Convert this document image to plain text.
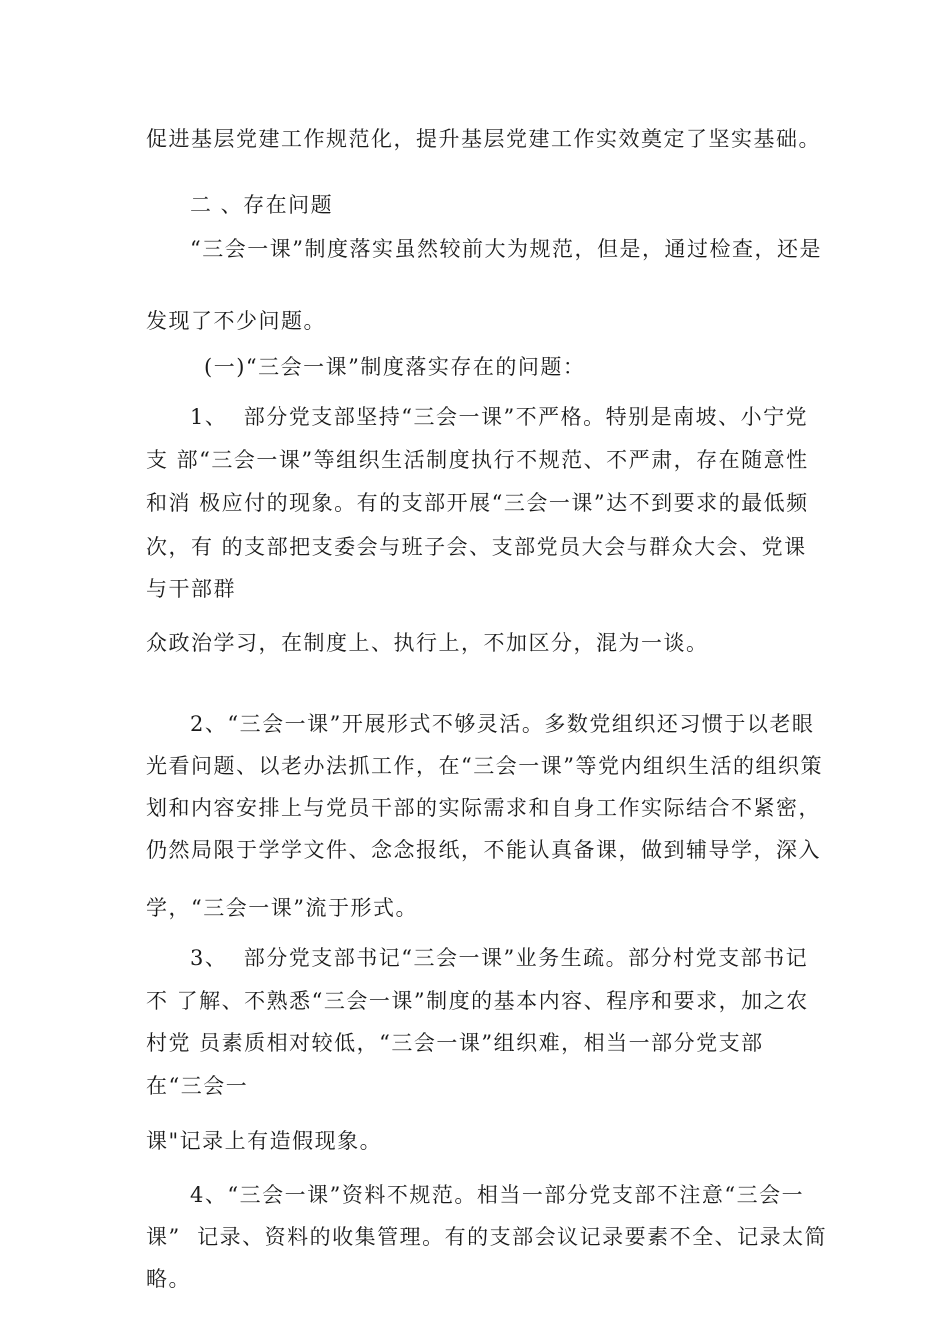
促进基层党建工作规范化，提升基层党建工作实效奠定了坚实基础。
二 、存在问题
“三会一课”制度落实虽然较前大为规范，但是，通过检查，还是
发现了不少问题。
(一)“三会一课”制度落实存在的问题：
1、  部分党支部坚持“三会一课”不严格。特别是南坡、小宁党
支 部“三会一课”等组织生活制度执行不规范、不严肃，存在随意性
和消 极应付的现象。有的支部开展“三会一课”达不到要求的最低频
次，有 的支部把支委会与班子会、支部党员大会与群众大会、党课
与干部群
众政治学习，在制度上、执行上，不加区分，混为一谈。
2、“三会一课”开展形式不够灵活。多数党组织还习惯于以老眼
光看问题、以老办法抓工作，在“三会一课”等党内组织生活的组织策
划和内容安排上与党员干部的实际需求和自身工作实际结合不紧密，
仍然局限于学学文件、念念报纸，不能认真备课，做到辅导学，深入
学，“三会一课”流于形式。
3、  部分党支部书记“三会一课”业务生疏。部分村党支部书记
不 了解、不熟悉“三会一课”制度的基本内容、程序和要求，加之农
村党 员素质相对较低，“三会一课”组织难，相当一部分党支部
在“三会一
课"记录上有造假现象。
4、“三会一课”资料不规范。相当一部分党支部不注意“三会一
课”  记录、资料的收集管理。有的支部会议记录要素不全、记录太简
略。
